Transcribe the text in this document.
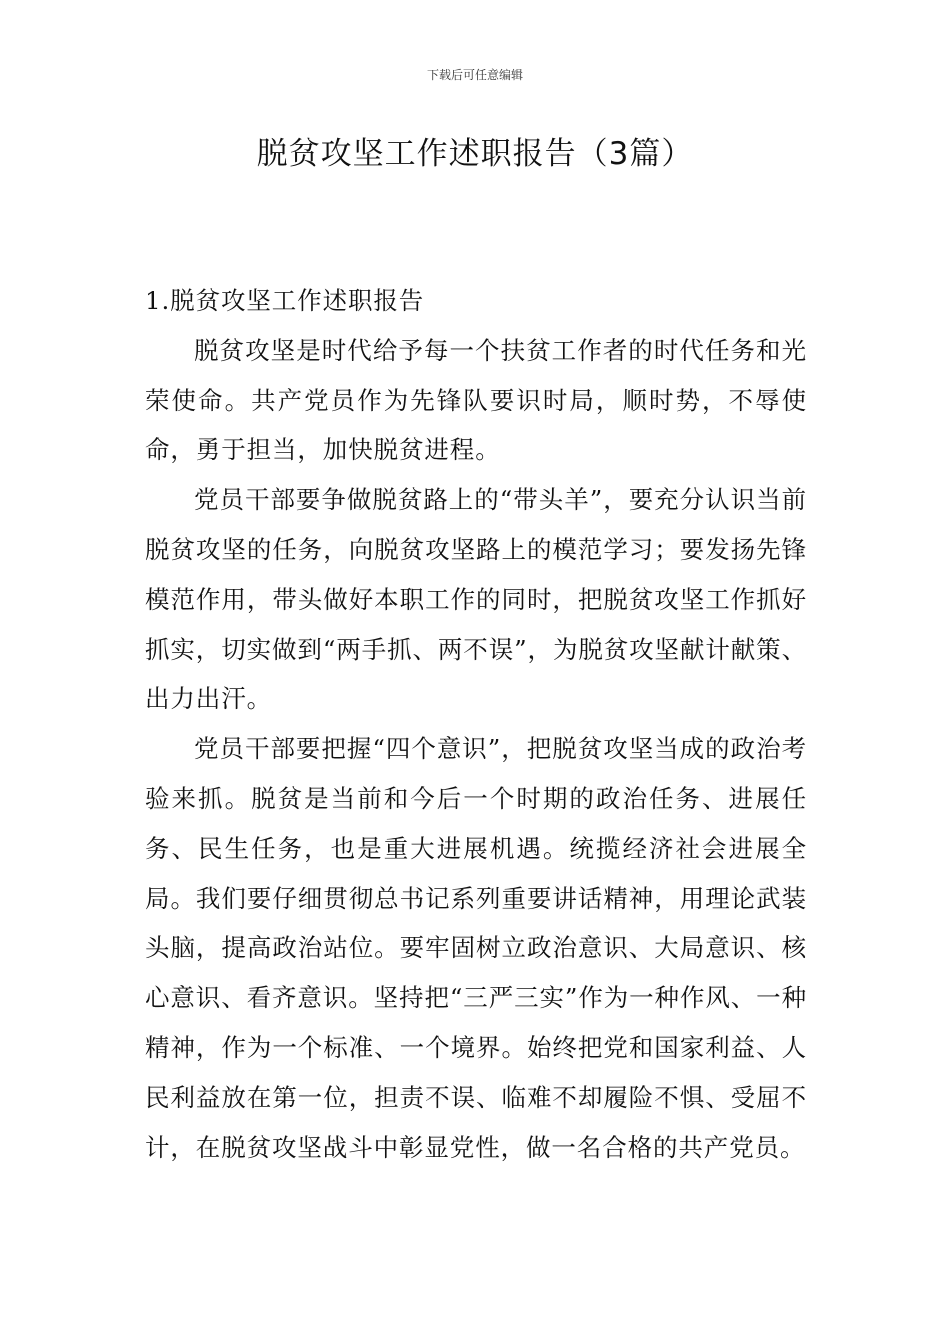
下载后可任意编辑
脱贫攻坚工作述职报告（3篇）

1.脱贫攻坚工作述职报告

脱贫攻坚是时代给予每一个扶贫工作者的时代任务和光荣使命。共产党员作为先锋队要识时局，顺时势，不辱使命，勇于担当，加快脱贫进程。

党员干部要争做脱贫路上的“带头羊”，要充分认识当前脱贫攻坚的任务，向脱贫攻坚路上的模范学习；要发扬先锋模范作用，带头做好本职工作的同时，把脱贫攻坚工作抓好抓实，切实做到“两手抓、两不误”，为脱贫攻坚献计献策、出力出汗。

党员干部要把握“四个意识”，把脱贫攻坚当成的政治考验来抓。脱贫是当前和今后一个时期的政治任务、进展任务、民生任务，也是重大进展机遇。统揽经济社会进展全局。我们要仔细贯彻总书记系列重要讲话精神，用理论武装头脑，提高政治站位。要牢固树立政治意识、大局意识、核心意识、看齐意识。坚持把“三严三实”作为一种作风、一种精神，作为一个标准、一个境界。始终把党和国家利益、人民利益放在第一位，担责不误、临难不却履险不惧、受屈不计，在脱贫攻坚战斗中彰显党性，做一名合格的共产党员。
